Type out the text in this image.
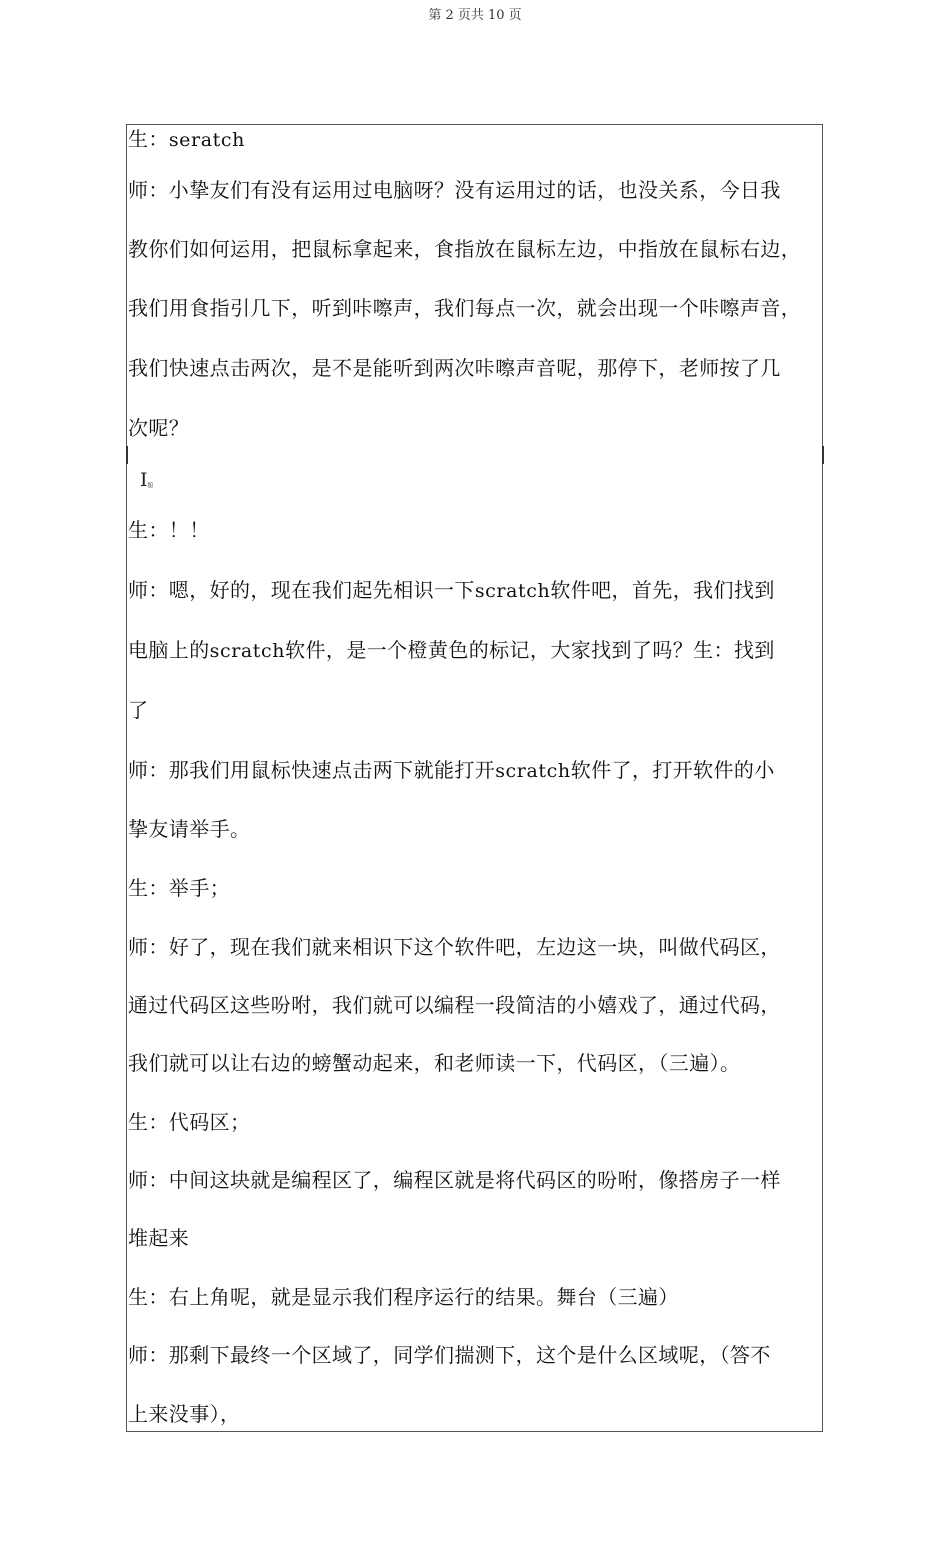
第 2 页共 10 页
Iஐ
生：seratch
师：小挚友们有没有运用过电脑呀？没有运用过的话，也没关系，今日我
教你们如何运用，把鼠标拿起来，食指放在鼠标左边，中指放在鼠标右边，
我们用食指引几下，听到咔嚓声，我们每点一次，就会出现一个咔嚓声音，
我们快速点击两次，是不是能听到两次咔嚓声音呢，那停下，老师按了几
次呢？
生：！！
师：嗯，好的，现在我们起先相识一下scratch软件吧，首先，我们找到
电脑上的scratch软件，是一个橙黄色的标记，大家找到了吗？生：找到
了
师：那我们用鼠标快速点击两下就能打开scratch软件了，打开软件的小
挚友请举手。
生：举手；
师：好了，现在我们就来相识下这个软件吧，左边这一块，叫做代码区，
通过代码区这些吩咐，我们就可以编程一段简洁的小嬉戏了，通过代码，
我们就可以让右边的螃蟹动起来，和老师读一下，代码区，（三遍）。
生：代码区；
师：中间这块就是编程区了，编程区就是将代码区的吩咐，像搭房子一样
堆起来
生：右上角呢，就是显示我们程序运行的结果。舞台（三遍）
师：那剩下最终一个区域了，同学们揣测下，这个是什么区域呢，（答不
上来没事），
